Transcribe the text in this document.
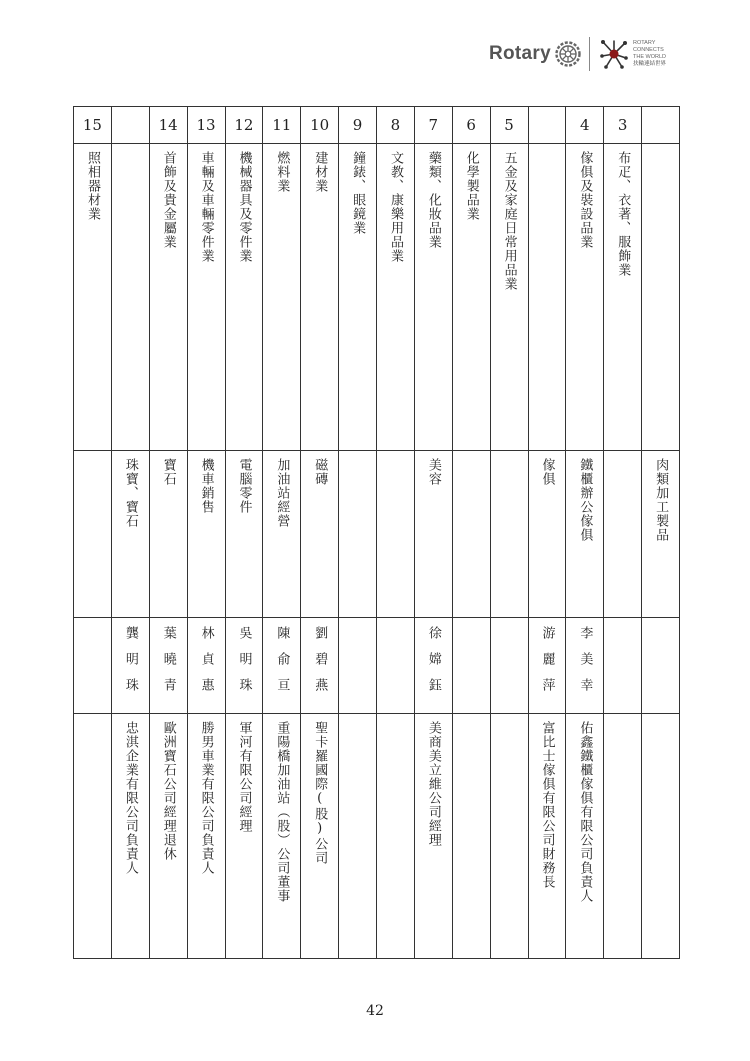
Rotary	ROTARY
CONNECTS
THE WORLD
扶輪連結世界
15		14	13	12	11	10	9	8	7	6	5		4	3	
照相器材業		首飾及貴金屬業	車輛及車輛零件業	機械器具及零件業	燃料業	建材業	鐘錶、眼鏡業	文教、康樂用品業	藥類、化妝品業	化學製品業	五金及家庭日常用品業		傢俱及裝設品業	布疋、衣著、服飾業	
	珠寶、寶石	寶石	機車銷售	電腦零件	加油站經營	磁磚			美容			傢俱	鐵櫃辦公傢俱		肉類加工製品
	龔明珠	葉曉青	林貞惠	吳明珠	陳俞亘	劉碧燕			徐嫦鈺			游麗萍	李美幸		
	忠淇企業有限公司負責人	歐洲寶石公司經理退休	勝男車業有限公司負責人	軍河有限公司經理	重陽橋加油站（股）公司董事	聖卡羅國際(股)公司			美商美立維公司經理			富比士傢俱有限公司財務長	佑鑫鐵櫃傢俱有限公司負責人		
42
